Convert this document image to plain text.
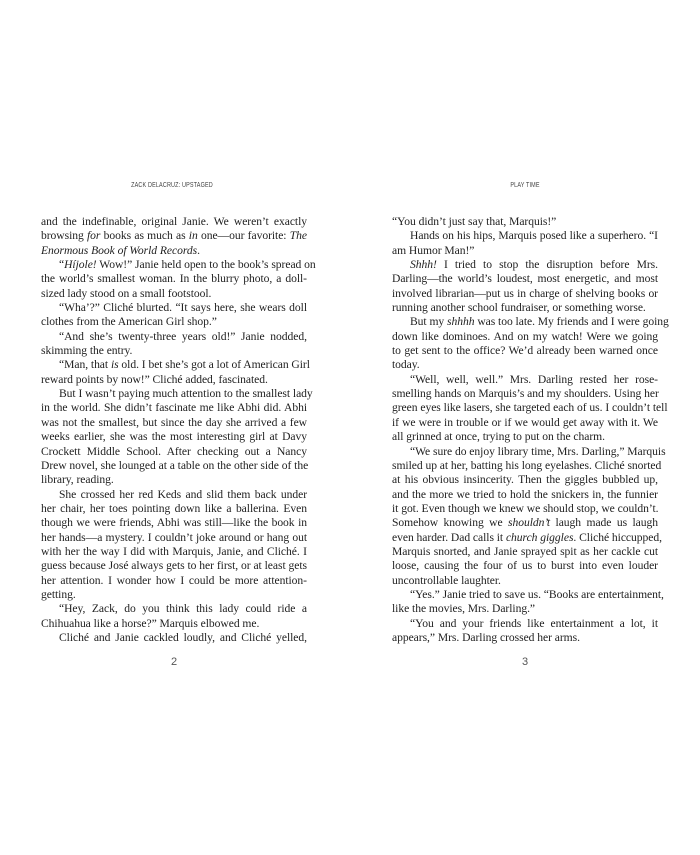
ZACK DELACRUZ: UPSTAGED
and the indefinable, original Janie. We weren’t exactly
browsing for books as much as in one—our favorite: The
Enormous Book of World Records.
“Híjole! Wow!” Janie held open to the book’s spread on
the world’s smallest woman. In the blurry photo, a doll-
sized lady stood on a small footstool.
“Wha’?” Cliché blurted. “It says here, she wears doll
clothes from the American Girl shop.”
“And she’s twenty-three years old!” Janie nodded,
skimming the entry.
“Man, that is old. I bet she’s got a lot of American Girl
reward points by now!” Cliché added, fascinated.
But I wasn’t paying much attention to the smallest lady
in the world. She didn’t fascinate me like Abhi did. Abhi
was not the smallest, but since the day she arrived a few
weeks earlier, she was the most interesting girl at Davy
Crockett Middle School. After checking out a Nancy
Drew novel, she lounged at a table on the other side of the
library, reading.
She crossed her red Keds and slid them back under
her chair, her toes pointing down like a ballerina. Even
though we were friends, Abhi was still—like the book in
her hands—a mystery. I couldn’t joke around or hang out
with her the way I did with Marquis, Janie, and Cliché. I
guess because José always gets to her first, or at least gets
her attention. I wonder how I could be more attention-
getting.
“Hey, Zack, do you think this lady could ride a
Chihuahua like a horse?” Marquis elbowed me.
Cliché and Janie cackled loudly, and Cliché yelled,
2
PLAY TIME
“You didn’t just say that, Marquis!”
Hands on his hips, Marquis posed like a superhero. “I
am Humor Man!”
Shhh! I tried to stop the disruption before Mrs.
Darling—the world’s loudest, most energetic, and most
involved librarian—put us in charge of shelving books or
running another school fundraiser, or something worse.
But my shhhh was too late. My friends and I were going
down like dominoes. And on my watch! Were we going
to get sent to the office? We’d already been warned once
today.
“Well, well, well.” Mrs. Darling rested her rose-
smelling hands on Marquis’s and my shoulders. Using her
green eyes like lasers, she targeted each of us. I couldn’t tell
if we were in trouble or if we would get away with it. We
all grinned at once, trying to put on the charm.
“We sure do enjoy library time, Mrs. Darling,” Marquis
smiled up at her, batting his long eyelashes. Cliché snorted
at his obvious insincerity. Then the giggles bubbled up,
and the more we tried to hold the snickers in, the funnier
it got. Even though we knew we should stop, we couldn’t.
Somehow knowing we shouldn’t laugh made us laugh
even harder. Dad calls it church giggles. Cliché hiccupped,
Marquis snorted, and Janie sprayed spit as her cackle cut
loose, causing the four of us to burst into even louder
uncontrollable laughter.
“Yes.” Janie tried to save us. “Books are entertainment,
like the movies, Mrs. Darling.”
“You and your friends like entertainment a lot, it
appears,” Mrs. Darling crossed her arms.
3
